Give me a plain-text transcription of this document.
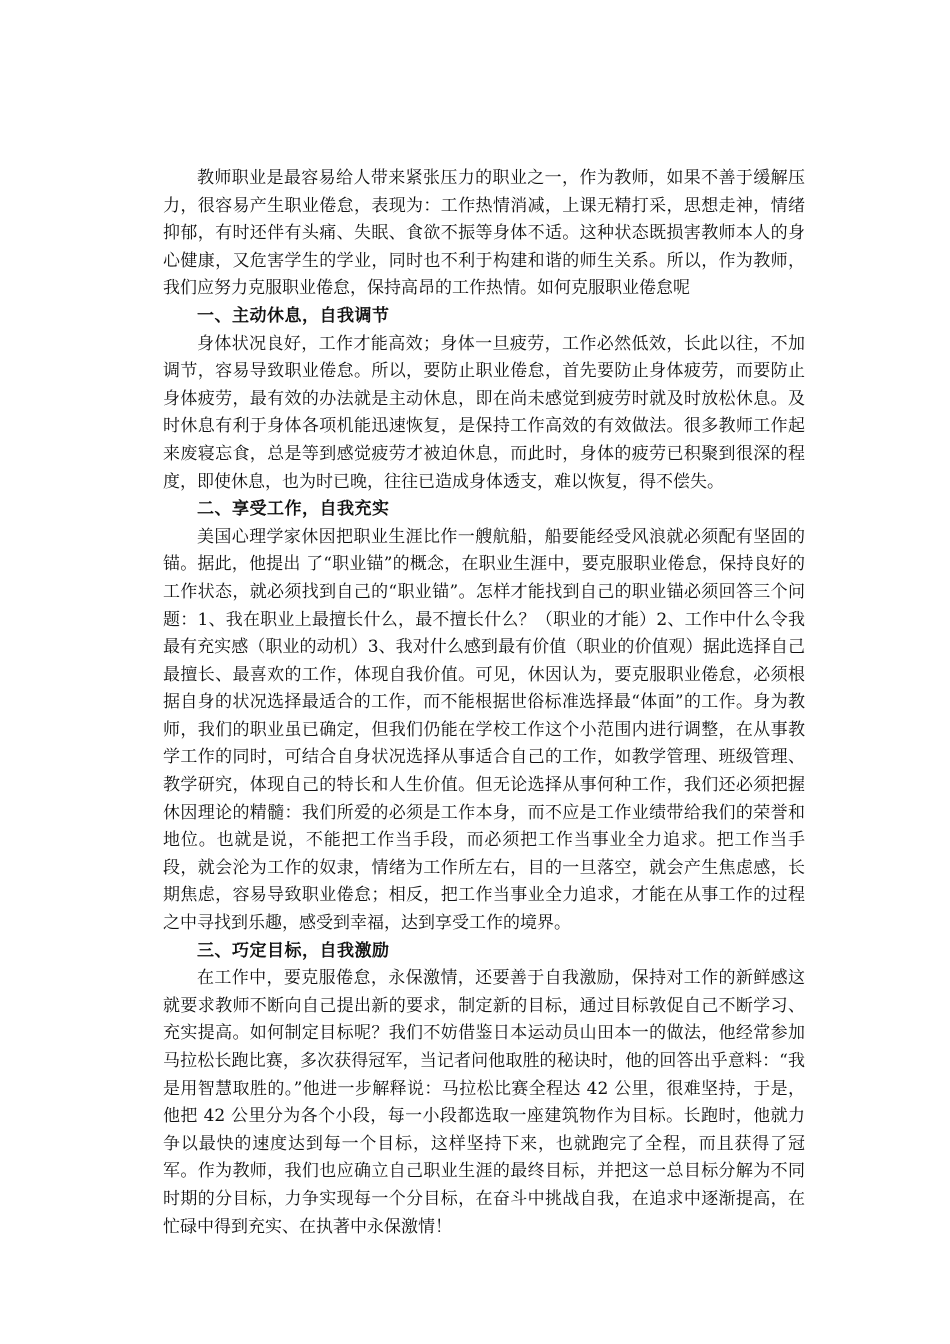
教师职业是最容易给人带来紧张压力的职业之一，作为教师，如果不善于缓解压力，很容易产生职业倦怠，表现为：工作热情消减，上课无精打采，思想走神，情绪抑郁，有时还伴有头痛、失眠、食欲不振等身体不适。这种状态既损害教师本人的身心健康，又危害学生的学业，同时也不利于构建和谐的师生关系。所以，作为教师，我们应努力克服职业倦怠，保持高昂的工作热情。如何克服职业倦怠呢

一、主动休息，自我调节

身体状况良好，工作才能高效；身体一旦疲劳，工作必然低效，长此以往，不加调节，容易导致职业倦怠。所以，要防止职业倦怠，首先要防止身体疲劳，而要防止身体疲劳，最有效的办法就是主动休息，即在尚未感觉到疲劳时就及时放松休息。及时休息有利于身体各项机能迅速恢复，是保持工作高效的有效做法。很多教师工作起来废寝忘食，总是等到感觉疲劳才被迫休息，而此时，身体的疲劳已积聚到很深的程度，即使休息，也为时已晚，往往已造成身体透支，难以恢复，得不偿失。

二、享受工作，自我充实

美国心理学家休因把职业生涯比作一艘航船，船要能经受风浪就必须配有坚固的锚。据此，他提出 了“职业锚”的概念，在职业生涯中，要克服职业倦怠，保持良好的工作状态，就必须找到自己的“职业锚”。怎样才能找到自己的职业锚必须回答三个问题：1、我在职业上最擅长什么，最不擅长什么？（职业的才能）2、工作中什么令我最有充实感（职业的动机）3、我对什么感到最有价值（职业的价值观）据此选择自己最擅长、最喜欢的工作，体现自我价值。可见，休因认为，要克服职业倦怠，必须根据自身的状况选择最适合的工作，而不能根据世俗标准选择最“体面”的工作。身为教师，我们的职业虽已确定，但我们仍能在学校工作这个小范围内进行调整，在从事教学工作的同时，可结合自身状况选择从事适合自己的工作，如教学管理、班级管理、教学研究，体现自己的特长和人生价值。但无论选择从事何种工作，我们还必须把握休因理论的精髓：我们所爱的必须是工作本身，而不应是工作业绩带给我们的荣誉和地位。也就是说，不能把工作当手段，而必须把工作当事业全力追求。把工作当手段，就会沦为工作的奴隶，情绪为工作所左右，目的一旦落空，就会产生焦虑感，长期焦虑，容易导致职业倦怠；相反，把工作当事业全力追求，才能在从事工作的过程之中寻找到乐趣，感受到幸福，达到享受工作的境界。

三、巧定目标，自我激励

在工作中，要克服倦怠，永保激情，还要善于自我激励，保持对工作的新鲜感这就要求教师不断向自己提出新的要求，制定新的目标，通过目标敦促自己不断学习、充实提高。如何制定目标呢？我们不妨借鉴日本运动员山田本一的做法，他经常参加马拉松长跑比赛，多次获得冠军，当记者问他取胜的秘诀时，他的回答出乎意料：“我是用智慧取胜的。”他进一步解释说：马拉松比赛全程达 42 公里，很难坚持，于是，他把 42 公里分为各个小段，每一小段都选取一座建筑物作为目标。长跑时，他就力争以最快的速度达到每一个目标，这样坚持下来，也就跑完了全程，而且获得了冠军。作为教师，我们也应确立自己职业生涯的最终目标，并把这一总目标分解为不同时期的分目标，力争实现每一个分目标，在奋斗中挑战自我，在追求中逐渐提高，在忙碌中得到充实、在执著中永保激情！
